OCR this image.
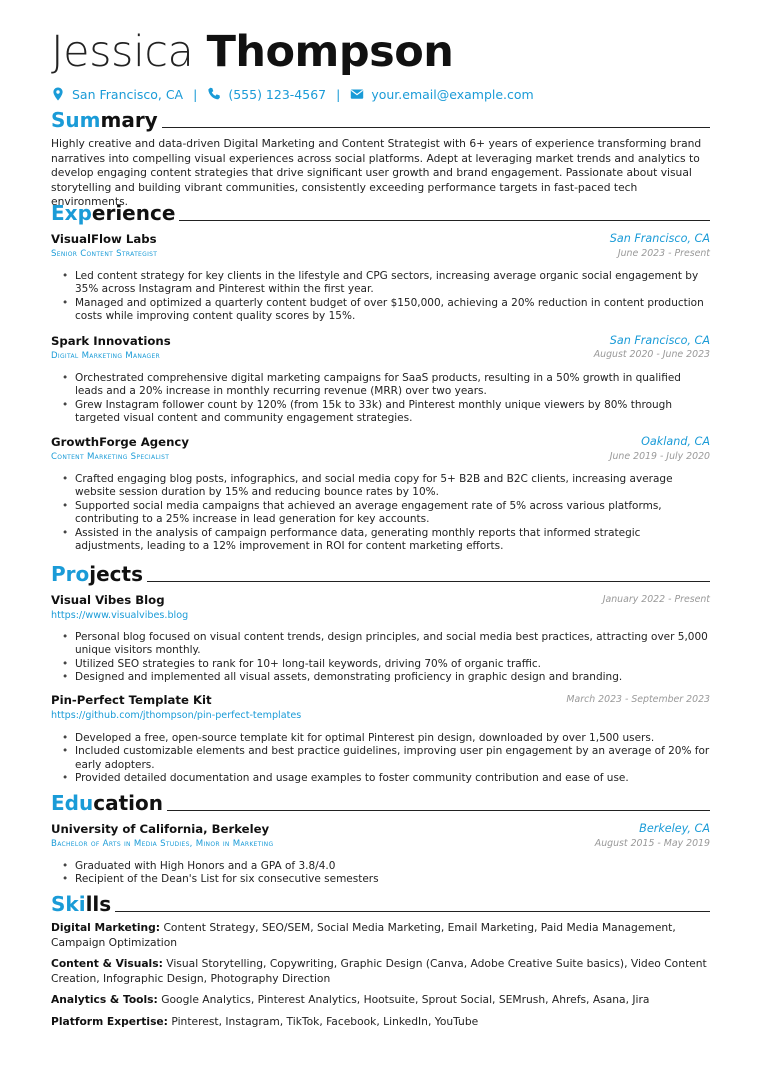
Jessica Thompson
San Francisco, CA | (555) 123-4567 | your.email@example.com
Summary
Highly creative and data-driven Digital Marketing and Content Strategist with 6+ years of experience transforming brand narratives into compelling visual experiences across social platforms. Adept at leveraging market trends and analytics to develop engaging content strategies that drive significant user growth and brand engagement. Passionate about visual storytelling and building vibrant communities, consistently exceeding performance targets in fast-paced tech environments.
Experience
VisualFlow Labs	San Francisco, CA
Senior Content Strategist	June 2023 - Present
• Led content strategy for key clients in the lifestyle and CPG sectors, increasing average organic social engagement by 35% across Instagram and Pinterest within the first year.
• Managed and optimized a quarterly content budget of over $150,000, achieving a 20% reduction in content production costs while improving content quality scores by 15%.
Spark Innovations	San Francisco, CA
Digital Marketing Manager	August 2020 - June 2023
• Orchestrated comprehensive digital marketing campaigns for SaaS products, resulting in a 50% growth in qualified leads and a 20% increase in monthly recurring revenue (MRR) over two years.
• Grew Instagram follower count by 120% (from 15k to 33k) and Pinterest monthly unique viewers by 80% through targeted visual content and community engagement strategies.
GrowthForge Agency	Oakland, CA
Content Marketing Specialist	June 2019 - July 2020
• Crafted engaging blog posts, infographics, and social media copy for 5+ B2B and B2C clients, increasing average website session duration by 15% and reducing bounce rates by 10%.
• Supported social media campaigns that achieved an average engagement rate of 5% across various platforms, contributing to a 25% increase in lead generation for key accounts.
• Assisted in the analysis of campaign performance data, generating monthly reports that informed strategic adjustments, leading to a 12% improvement in ROI for content marketing efforts.
Projects
Visual Vibes Blog	January 2022 - Present
https://www.visualvibes.blog
• Personal blog focused on visual content trends, design principles, and social media best practices, attracting over 5,000 unique visitors monthly.
• Utilized SEO strategies to rank for 10+ long-tail keywords, driving 70% of organic traffic.
• Designed and implemented all visual assets, demonstrating proficiency in graphic design and branding.
Pin-Perfect Template Kit	March 2023 - September 2023
https://github.com/jthompson/pin-perfect-templates
• Developed a free, open-source template kit for optimal Pinterest pin design, downloaded by over 1,500 users.
• Included customizable elements and best practice guidelines, improving user pin engagement by an average of 20% for early adopters.
• Provided detailed documentation and usage examples to foster community contribution and ease of use.
Education
University of California, Berkeley	Berkeley, CA
Bachelor of Arts in Media Studies, Minor in Marketing	August 2015 - May 2019
• Graduated with High Honors and a GPA of 3.8/4.0
• Recipient of the Dean's List for six consecutive semesters
Skills
Digital Marketing: Content Strategy, SEO/SEM, Social Media Marketing, Email Marketing, Paid Media Management, Campaign Optimization
Content & Visuals: Visual Storytelling, Copywriting, Graphic Design (Canva, Adobe Creative Suite basics), Video Content Creation, Infographic Design, Photography Direction
Analytics & Tools: Google Analytics, Pinterest Analytics, Hootsuite, Sprout Social, SEMrush, Ahrefs, Asana, Jira
Platform Expertise: Pinterest, Instagram, TikTok, Facebook, LinkedIn, YouTube
